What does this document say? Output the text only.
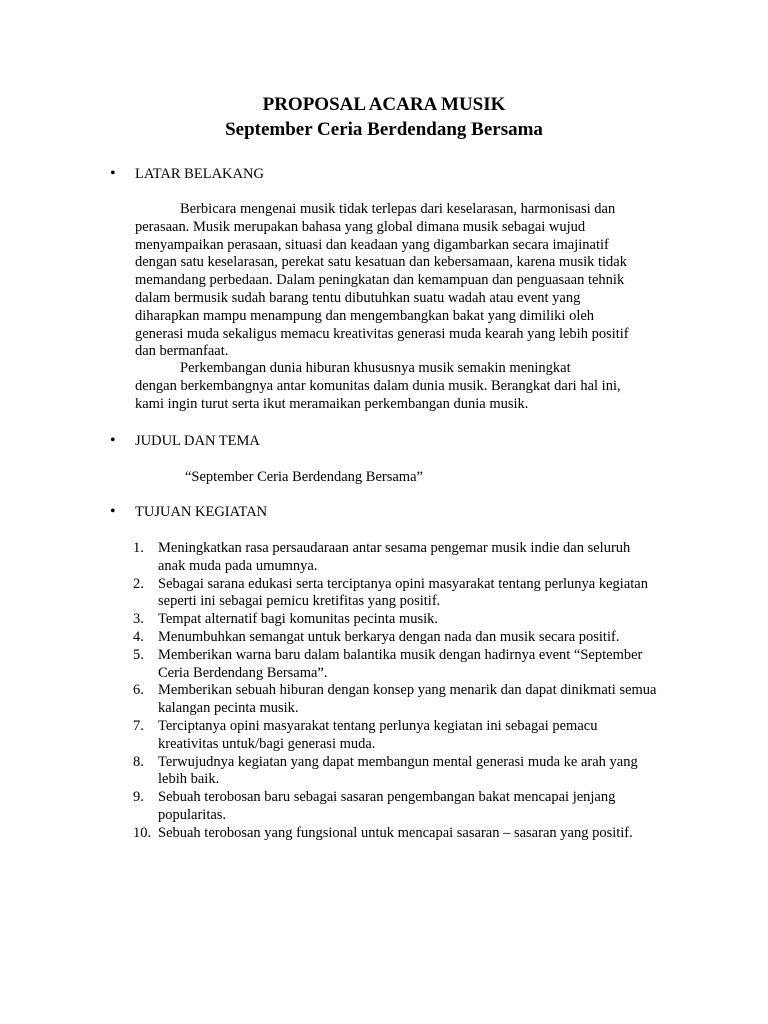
PROPOSAL ACARA MUSIK
September Ceria Berdendang Bersama
•	LATAR BELAKANG
Berbicara mengenai musik tidak terlepas dari keselarasan, harmonisasi dan
perasaan. Musik merupakan bahasa yang global dimana musik sebagai wujud
menyampaikan perasaan, situasi dan keadaan yang digambarkan secara imajinatif
dengan satu keselarasan, perekat satu kesatuan dan kebersamaan, karena musik tidak
memandang perbedaan. Dalam peningkatan dan kemampuan dan penguasaan tehnik
dalam bermusik sudah barang tentu dibutuhkan suatu wadah atau event yang
diharapkan mampu menampung dan mengembangkan bakat yang dimiliki oleh
generasi muda sekaligus memacu kreativitas generasi muda kearah yang lebih positif
dan bermanfaat.
Perkembangan dunia hiburan khususnya musik semakin meningkat
dengan berkembangnya antar komunitas dalam dunia musik. Berangkat dari hal ini,
kami ingin turut serta ikut meramaikan perkembangan dunia musik.
•	JUDUL DAN TEMA

“September Ceria Berdendang Bersama”

•	TUJUAN KEGIATAN
1. Meningkatkan rasa persaudaraan antar sesama pengemar musik indie dan seluruh
anak muda pada umumnya.
2. Sebagai sarana edukasi serta terciptanya opini masyarakat tentang perlunya kegiatan
seperti ini sebagai pemicu kretifitas yang positif.
3. Tempat alternatif bagi komunitas pecinta musik.
4. Menumbuhkan semangat untuk berkarya dengan nada dan musik secara positif.
5. Memberikan warna baru dalam balantika musik dengan hadirnya event “September
Ceria Berdendang Bersama”.
6. Memberikan sebuah hiburan dengan konsep yang menarik dan dapat dinikmati semua
kalangan pecinta musik.
7. Terciptanya opini masyarakat tentang perlunya kegiatan ini sebagai pemacu
kreativitas untuk/bagi generasi muda.
8. Terwujudnya kegiatan yang dapat membangun mental generasi muda ke arah yang
lebih baik.
9. Sebuah terobosan baru sebagai sasaran pengembangan bakat mencapai jenjang
popularitas.
10. Sebuah terobosan yang fungsional untuk mencapai sasaran – sasaran yang positif.
